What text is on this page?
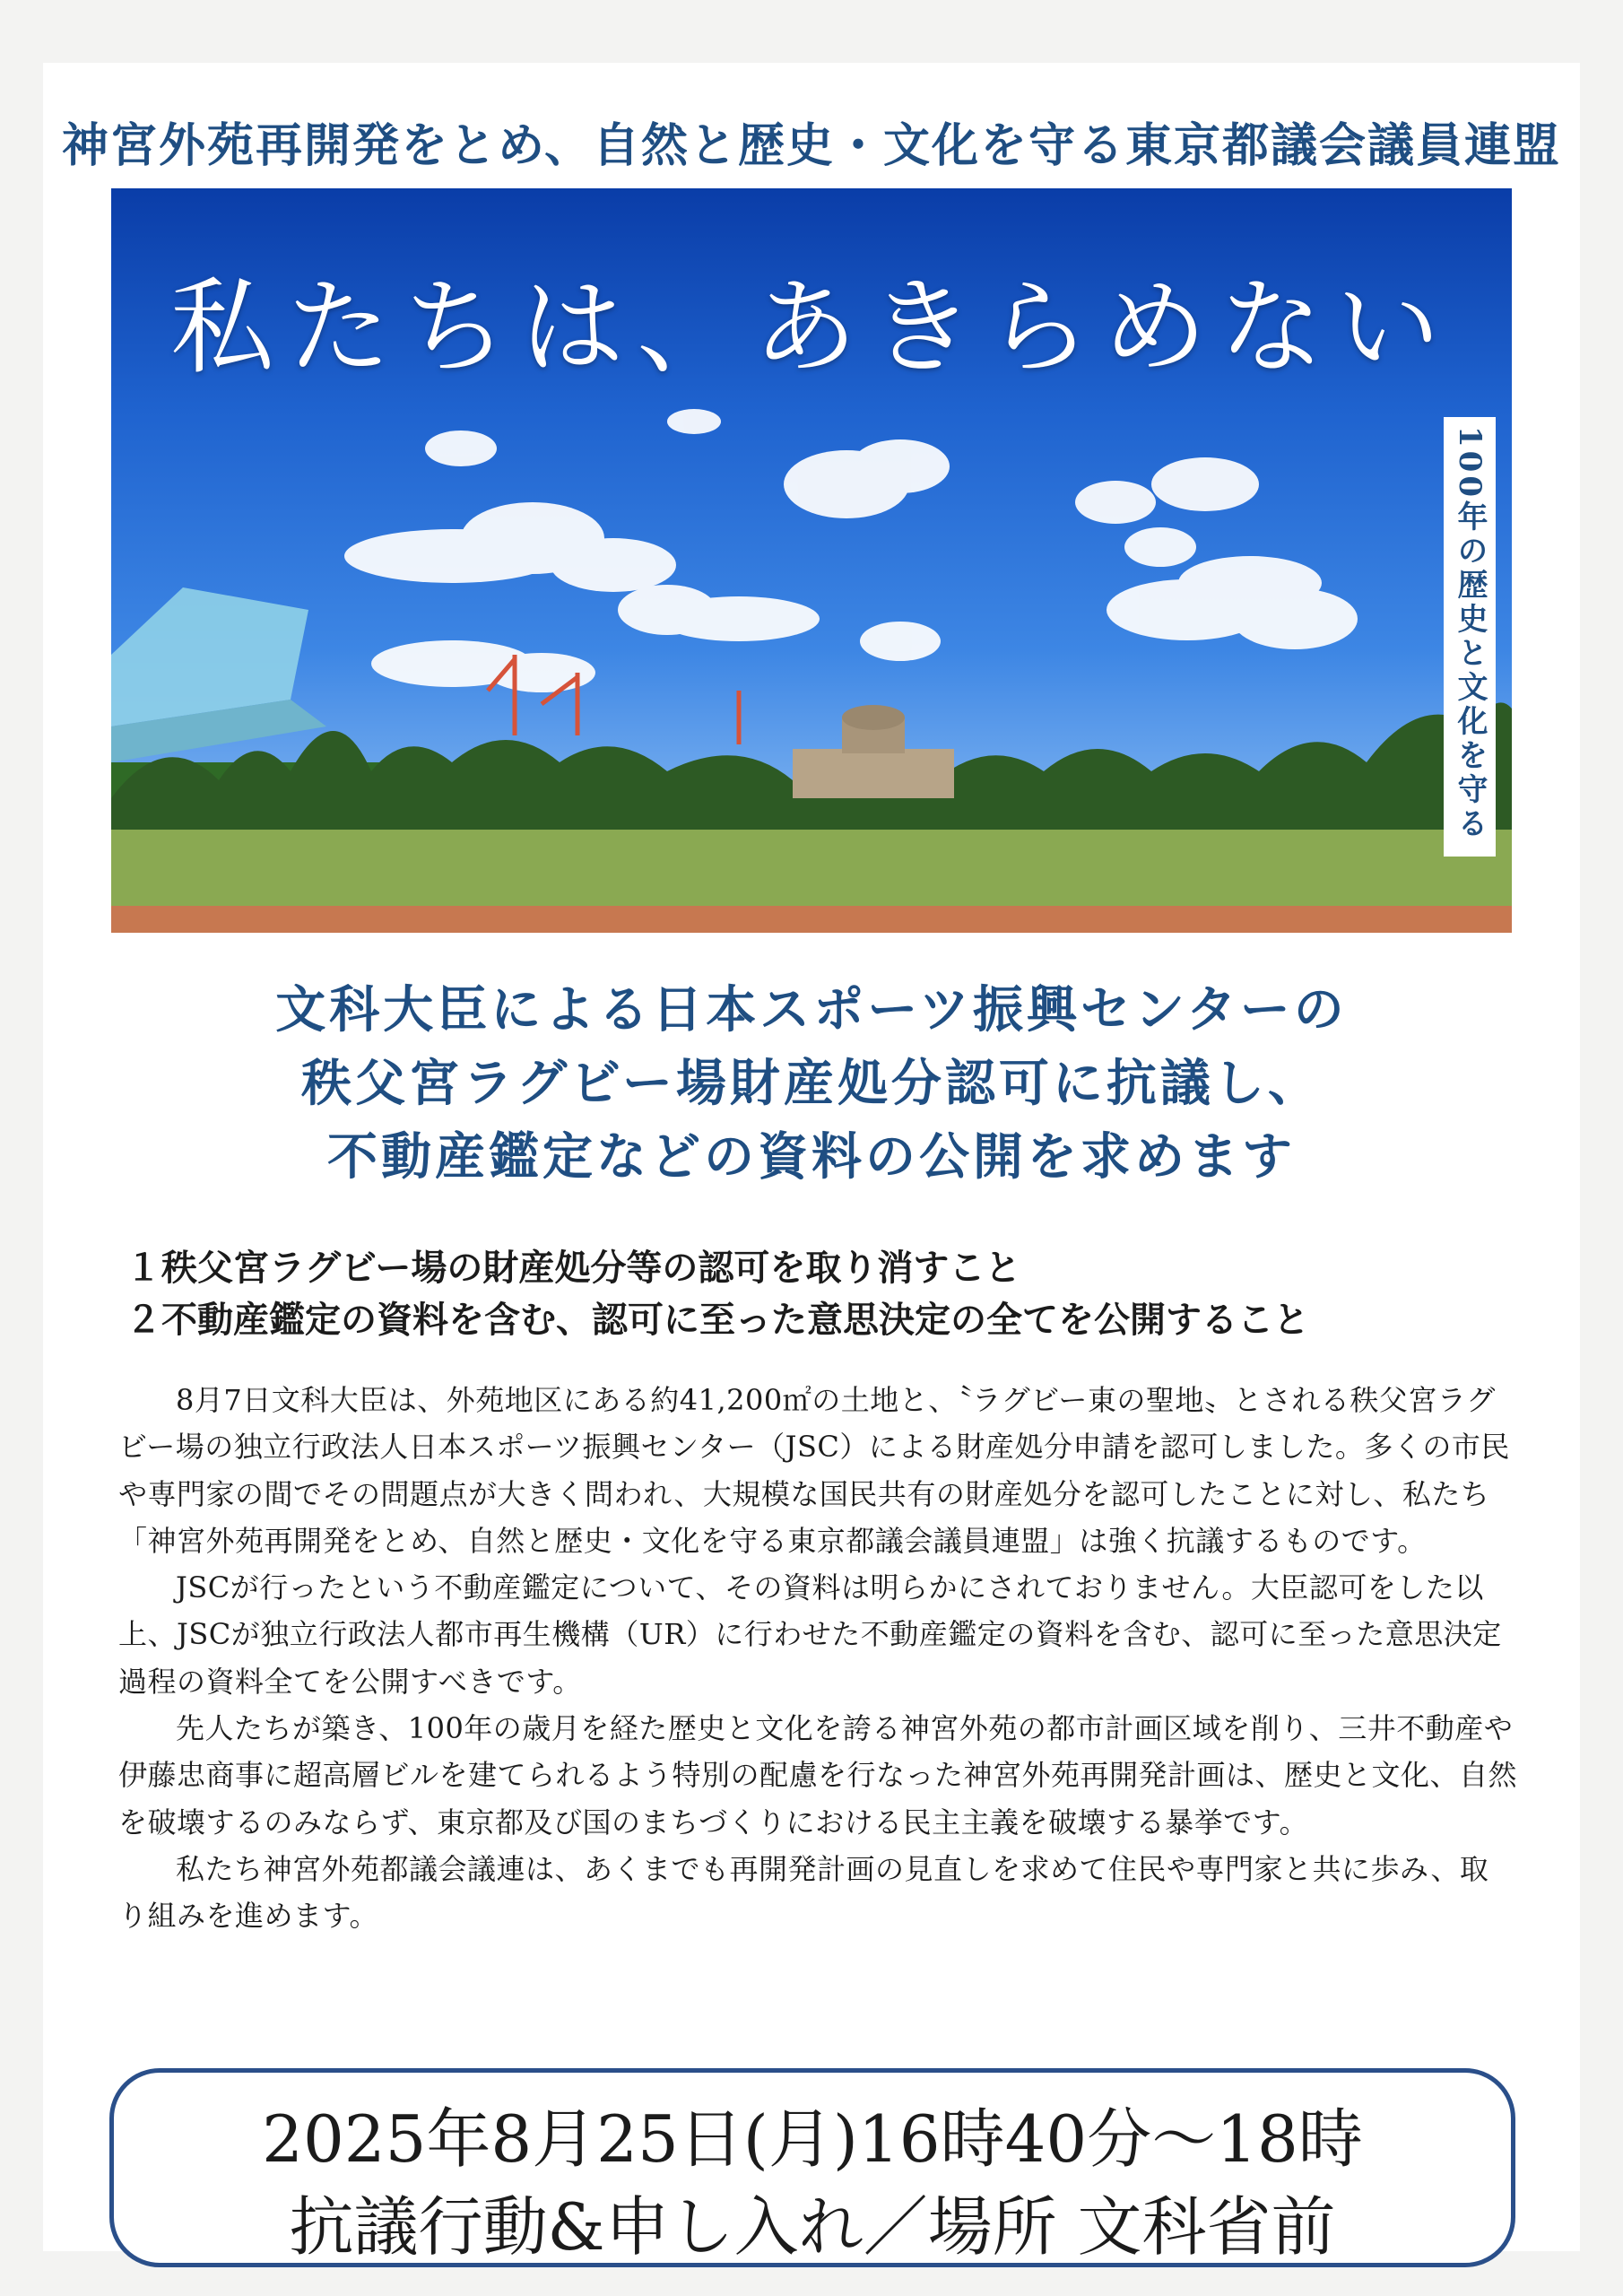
神宮外苑再開発をとめ、自然と歴史・文化を守る東京都議会議員連盟
私たちは、あきらめない
100年の歴史と文化を守る
文科大臣による日本スポーツ振興センターの
秩父宮ラグビー場財産処分認可に抗議し、
不動産鑑定などの資料の公開を求めます
１秩父宮ラグビー場の財産処分等の認可を取り消すこと
２不動産鑑定の資料を含む、認可に至った意思決定の全てを公開すること

8月7日文科大臣は、外苑地区にある約41,200㎡の土地と、〝ラグビー東の聖地〟とされる秩父宮ラグビー場の独立行政法人日本スポーツ振興センター（JSC）による財産処分申請を認可しました。多くの市民や専門家の間でその問題点が大きく問われ、大規模な国民共有の財産処分を認可したことに対し、私たち「神宮外苑再開発をとめ、自然と歴史・文化を守る東京都議会議員連盟」は強く抗議するものです。

JSCが行ったという不動産鑑定について、その資料は明らかにされておりません。大臣認可をした以上、JSCが独立行政法人都市再生機構（UR）に行わせた不動産鑑定の資料を含む、認可に至った意思決定過程の資料全てを公開すべきです。

先人たちが築き、100年の歳月を経た歴史と文化を誇る神宮外苑の都市計画区域を削り、三井不動産や伊藤忠商事に超高層ビルを建てられるよう特別の配慮を行なった神宮外苑再開発計画は、歴史と文化、自然を破壊するのみならず、東京都及び国のまちづくりにおける民主主義を破壊する暴挙です。

私たち神宮外苑都議会議連は、あくまでも再開発計画の見直しを求めて住民や専門家と共に歩み、取り組みを進めます。

2025年8月25日(月)16時40分～18時
抗議行動&申し入れ／場所 文科省前
